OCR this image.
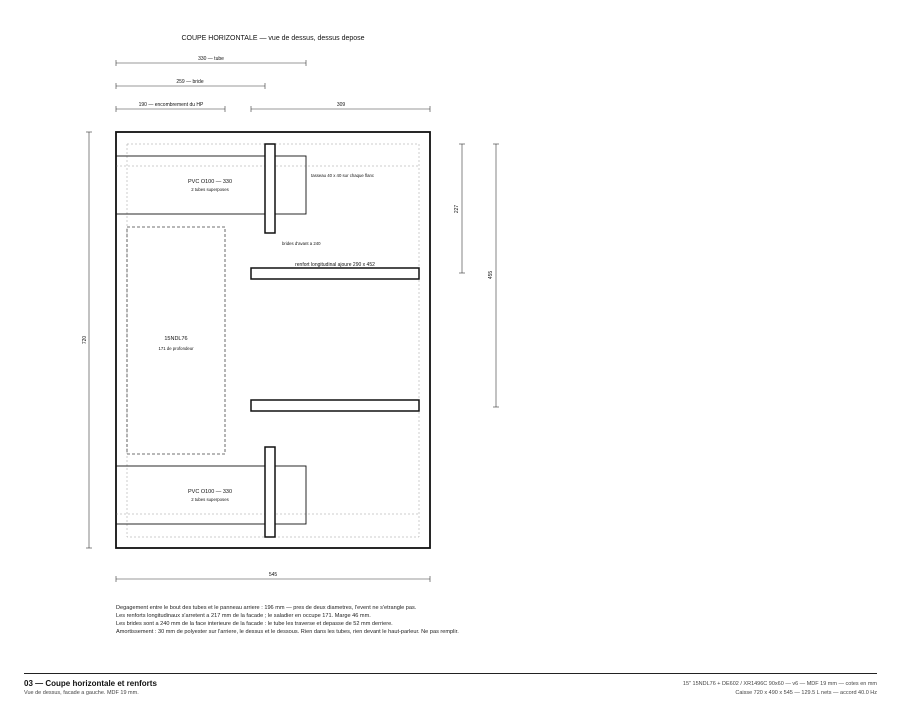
COUPE HORIZONTALE — vue de dessus, dessus depose
330 — tube
259 — bride
190 — encombrement du HP	309
720
227
455
545
PVC O100 — 330
2 tubes superposes
PVC O100 — 330
2 tubes superposes
tasseau 40 x 40 sur chaque flanc
brides d'avant a 240
renfort longitudinal ajoure 290 x 452
15NDL76
171 de profondeur
Degagement entre le bout des tubes et le panneau arriere : 196 mm — pres de deux diametres, l'event ne s'etrangle pas.
Les renforts longitudinaux s'arretent a 217 mm de la facade ; le saladier en occupe 171. Marge 46 mm.
Les brides sont a 240 mm de la face interieure de la facade : le tube les traverse et depasse de 52 mm derriere.
Amortissement : 30 mm de polyester sur l'arriere, le dessus et le dessous. Rien dans les tubes, rien devant le haut-parleur. Ne pas remplir.
03 — Coupe horizontale et renforts
Vue de dessus, facade a gauche. MDF 19 mm.
15" 15NDL76 + DE602 / XR1496C 90x60 — v6 — MDF 19 mm — cotes en mm
Caisse 720 x 490 x 545 — 129.5 L nets — accord 40.0 Hz
